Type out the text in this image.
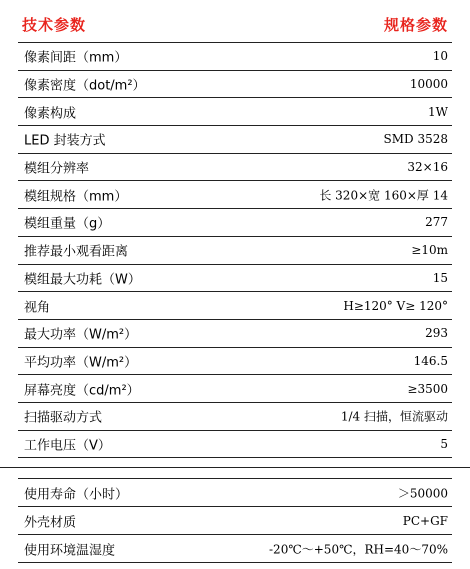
技术参数	规格参数
像素间距（mm）	10
像素密度（dot/m²）	10000
像素构成	1W
LED 封装方式	SMD 3528
模组分辨率	32×16
模组规格（mm）	长 320×宽 160×厚 14
模组重量（g）	277
推荐最小观看距离	≥10m
模组最大功耗（W）	15
视角	H≥120° V≥ 120°
最大功率（W/m²）	293
平均功率（W/m²）	146.5
屏幕亮度（cd/m²）	≥3500
扫描驱动方式	1/4 扫描，恒流驱动
工作电压（V）	5
使用寿命（小时）	＞50000
外壳材质	PC+GF
使用环境温湿度	-20℃～+50℃，RH=40～70%
